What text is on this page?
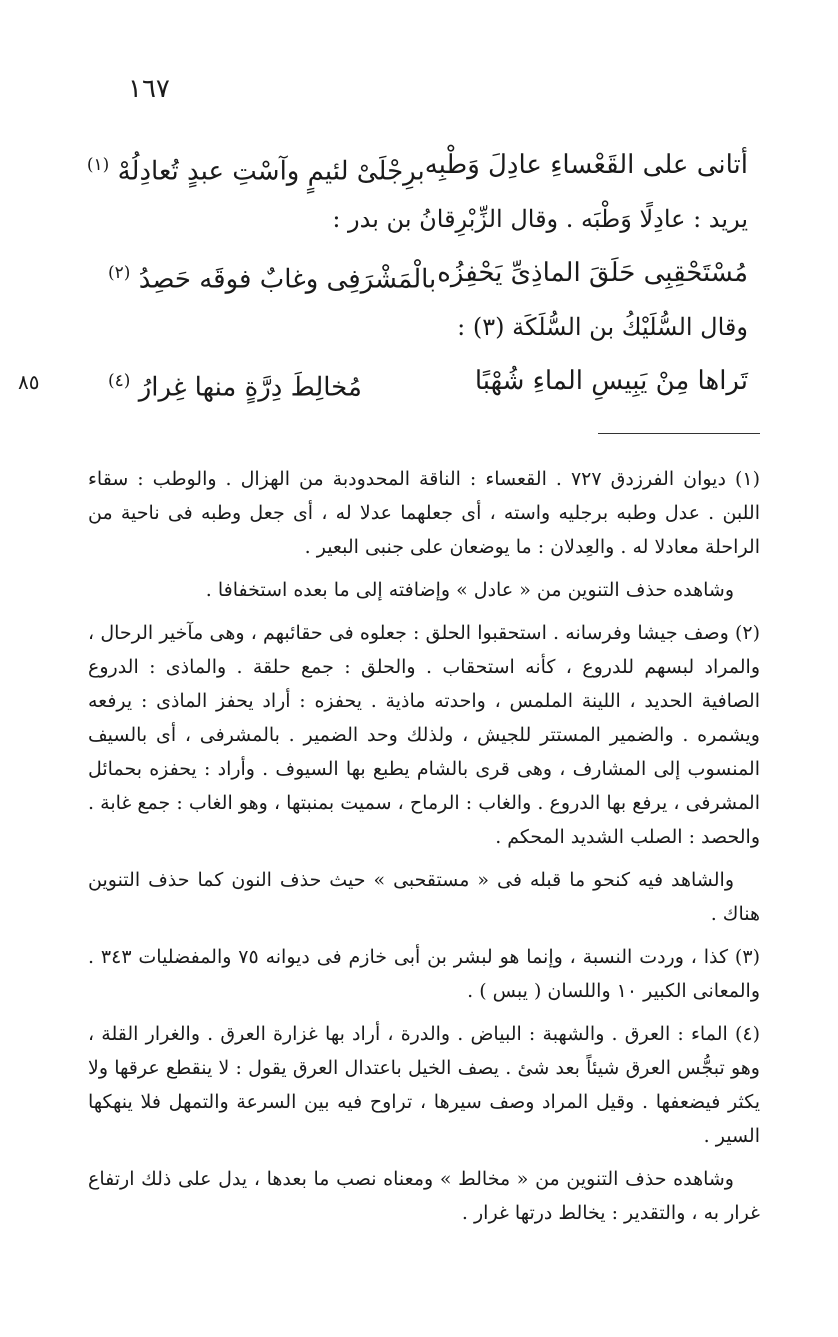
١٦٧
٨٥
أتانى على القَعْساءِ عادِلَ وَطْبِه
برِجْلَىْ لئيمٍ وآسْتِ عبدٍ تُعادِلُهْ $^{(١)}$
يريد : عادِلًا وَطْبَه . وقال الزِّبْرِقانُ بن بدر :
مُسْتَحْقِبِى حَلَقَ الماذِىِّ يَحْفِزُه
بالْمَشْرَفِى وغابٌ فوقَه حَصِدُ $^{(٢)}$
وقال السُّلَيْكُ بن السُّلَكَة (٣) :
تَراها مِنْ يَبِيسِ الماءِ شُهْبًا
مُخالِطَ دِرَّةٍ منها غِرارُ $^{(٤)}$

(١) ديوان الفرزدق ٧٢٧ . القعساء : الناقة المحدودبة من الهزال . والوطب : سقاء اللبن . عدل وطبه برجليه واسته ، أى جعلهما عدلا له ، أى جعل وطبه فى ناحية من الراحلة معادلا له . والعِدلان : ما يوضعان على جنبى البعير .

وشاهده حذف التنوين من « عادل » وإضافته إلى ما بعده استخفافا .

(٢) وصف جيشا وفرسانه . استحقبوا الحلق : جعلوه فى حقائبهم ، وهى مآخير الرحال ، والمراد لبسهم للدروع ، كأنه استحقاب . والحلق : جمع حلقة . والماذى : الدروع الصافية الحديد ، اللينة الملمس ، واحدته ماذية . يحفزه : أراد يحفز الماذى : يرفعه ويشمره . والضمير المستتر للجيش ، ولذلك وحد الضمير . بالمشرفى ، أى بالسيف المنسوب إلى المشارف ، وهى قرى بالشام يطبع بها السيوف . وأراد : يحفزه بحمائل المشرفى ، يرفع بها الدروع . والغاب : الرماح ، سميت بمنبتها ، وهو الغاب : جمع غابة . والحصد : الصلب الشديد المحكم .

والشاهد فيه كنحو ما قبله فى « مستقحبى » حيث حذف النون كما حذف التنوين هناك .

(٣) كذا ، وردت النسبة ، وإنما هو لبشر بن أبى خازم فى ديوانه ٧٥ والمفضليات ٣٤٣ . والمعانى الكبير ١٠ واللسان ( يبس ) .

(٤) الماء : العرق . والشهبة : البياض . والدرة ، أراد بها غزارة العرق . والغرار القلة ، وهو تبجُّس العرق شيئاً بعد شئ . يصف الخيل باعتدال العرق يقول : لا ينقطع عرقها ولا يكثر فيضعفها . وقيل المراد وصف سيرها ، تراوح فيه بين السرعة والتمهل فلا ينهكها السير .

وشاهده حذف التنوين من « مخالط » ومعناه نصب ما بعدها ، يدل على ذلك ارتفاع غرار به ، والتقدير : يخالط درتها غرار .
